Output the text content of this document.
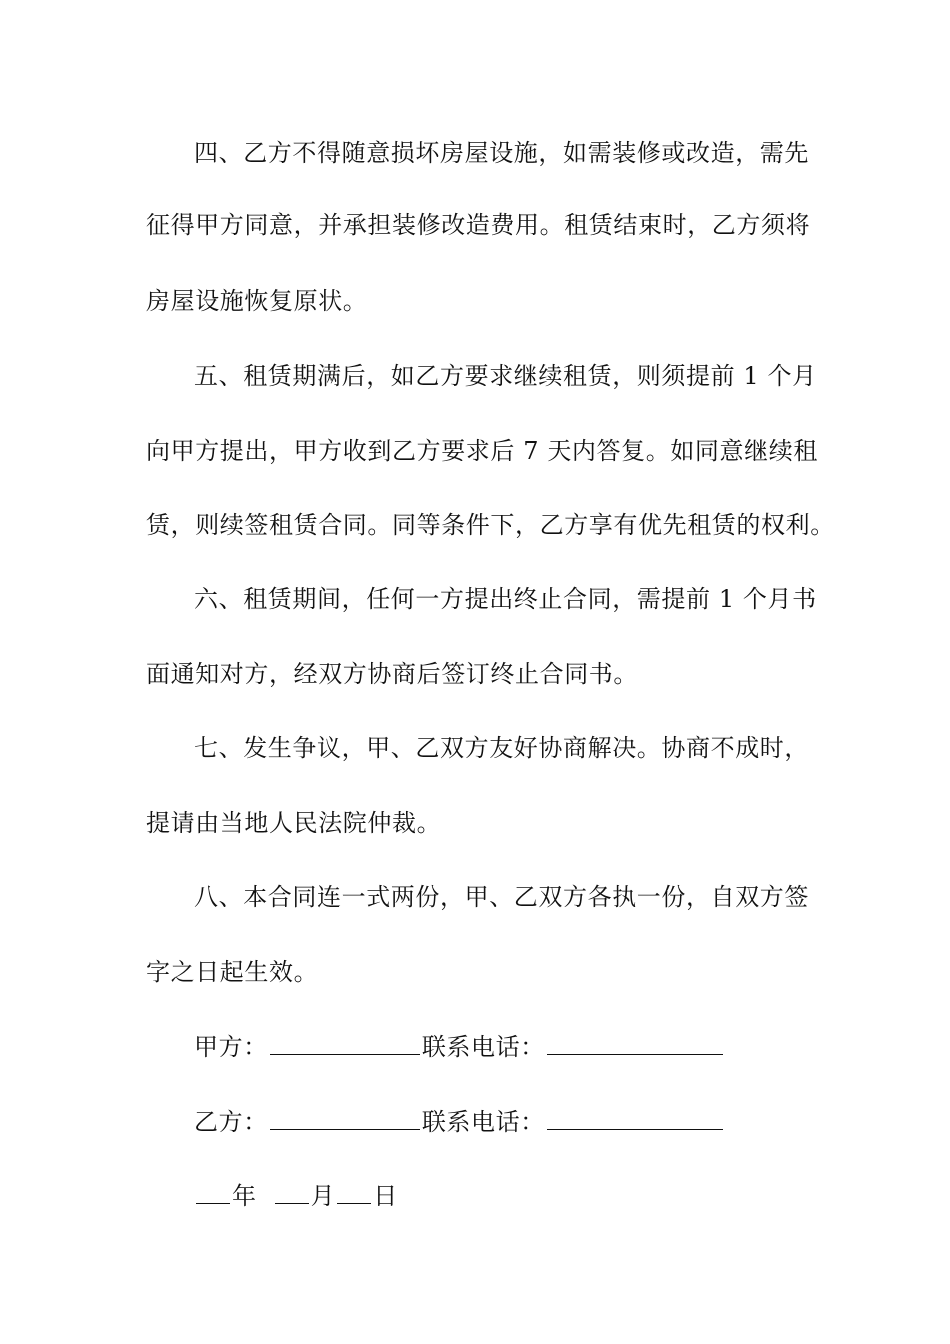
四、乙方不得随意损坏房屋设施，如需装修或改造，需先
征得甲方同意，并承担装修改造费用。租赁结束时，乙方须将
房屋设施恢复原状。
五、租赁期满后，如乙方要求继续租赁，则须提前 1 个月
向甲方提出，甲方收到乙方要求后 7 天内答复。如同意继续租
赁，则续签租赁合同。同等条件下，乙方享有优先租赁的权利。
六、租赁期间，任何一方提出终止合同，需提前 1 个月书
面通知对方，经双方协商后签订终止合同书。
七、发生争议，甲、乙双方友好协商解决。协商不成时，
提请由当地人民法院仲裁。
八、本合同连一式两份，甲、乙双方各执一份，自双方签
字之日起生效。
甲方：	联系电话：
乙方：	联系电话：
年 月 日
